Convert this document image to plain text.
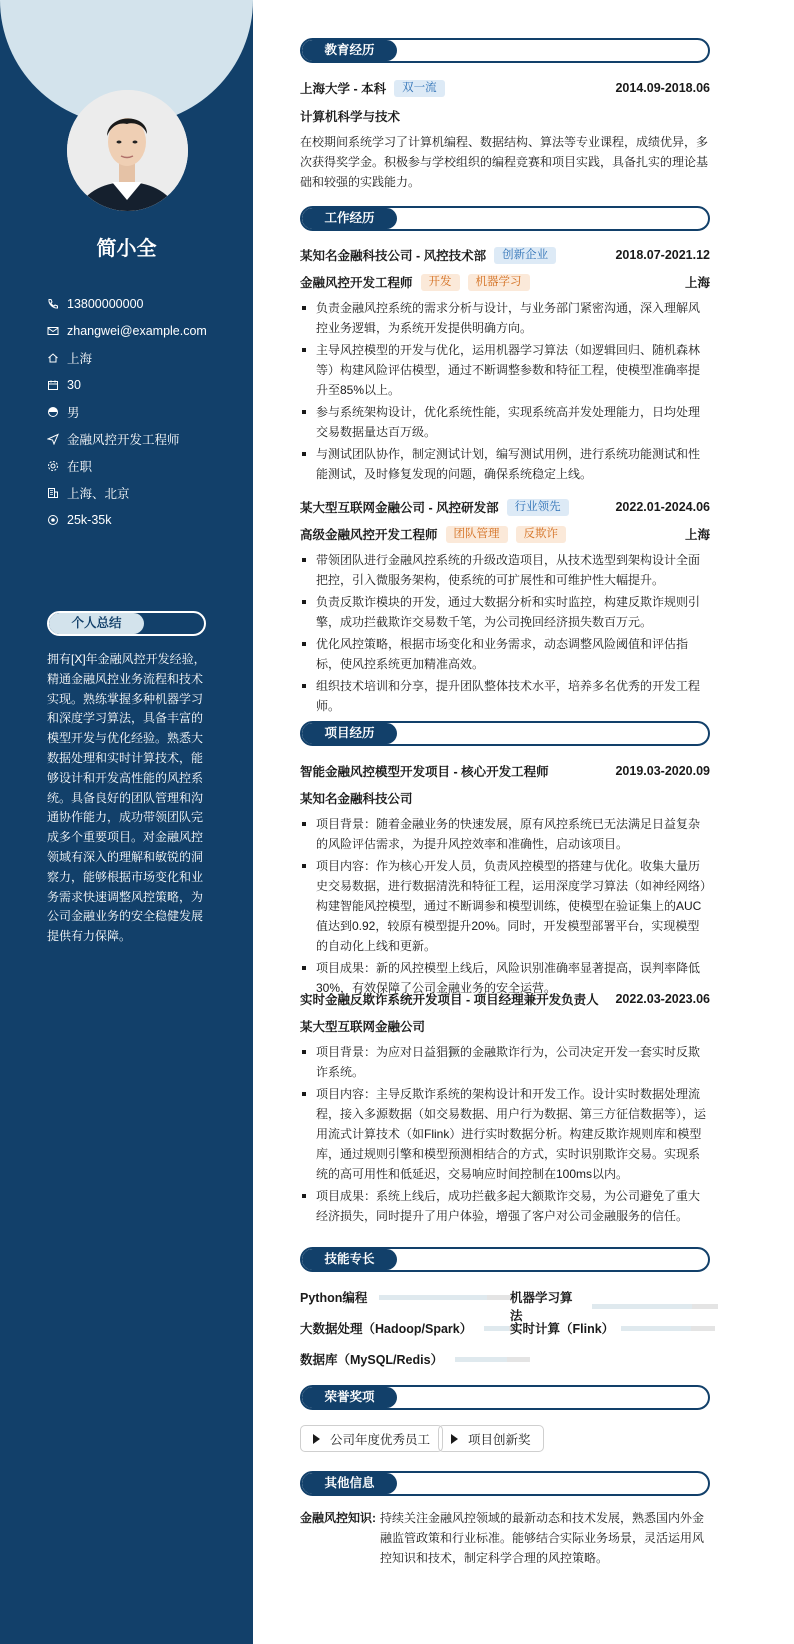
简小全
13800000000
zhangwei@example.com
上海
30
男
金融风控开发工程师
在职
上海、北京
25k-35k
个人总结
拥有[X]年金融风控开发经验，精通金融风控业务流程和技术实现。熟练掌握多种机器学习和深度学习算法，具备丰富的模型开发与优化经验。熟悉大数据处理和实时计算技术，能够设计和开发高性能的风控系统。具备良好的团队管理和沟通协作能力，成功带领团队完成多个重要项目。对金融风控领域有深入的理解和敏锐的洞察力，能够根据市场变化和业务需求快速调整风控策略，为公司金融业务的安全稳健发展提供有力保障。
教育经历
上海大学 - 本科	双一流	2014.09-2018.06
计算机科学与技术
在校期间系统学习了计算机编程、数据结构、算法等专业课程，成绩优异，多次获得奖学金。积极参与学校组织的编程竞赛和项目实践，具备扎实的理论基础和较强的实践能力。
工作经历
某知名金融科技公司 - 风控技术部	创新企业	2018.07-2021.12
金融风控开发工程师	开发	机器学习	上海
负责金融风控系统的需求分析与设计，与业务部门紧密沟通，深入理解风控业务逻辑，为系统开发提供明确方向。
主导风控模型的开发与优化，运用机器学习算法（如逻辑回归、随机森林等）构建风险评估模型，通过不断调整参数和特征工程，使模型准确率提升至85%以上。
参与系统架构设计，优化系统性能，实现系统高并发处理能力，日均处理交易数据量达百万级。
与测试团队协作，制定测试计划，编写测试用例，进行系统功能测试和性能测试，及时修复发现的问题，确保系统稳定上线。
某大型互联网金融公司 - 风控研发部	行业领先	2022.01-2024.06
高级金融风控开发工程师	团队管理	反欺诈	上海
带领团队进行金融风控系统的升级改造项目，从技术选型到架构设计全面把控，引入微服务架构，使系统的可扩展性和可维护性大幅提升。
负责反欺诈模块的开发，通过大数据分析和实时监控，构建反欺诈规则引擎，成功拦截欺诈交易数千笔，为公司挽回经济损失数百万元。
优化风控策略，根据市场变化和业务需求，动态调整风险阈值和评估指标，使风控系统更加精准高效。
组织技术培训和分享，提升团队整体技术水平，培养多名优秀的开发工程师。
项目经历
智能金融风控模型开发项目 - 核心开发工程师	2019.03-2020.09
某知名金融科技公司
项目背景：随着金融业务的快速发展，原有风控系统已无法满足日益复杂的风险评估需求，为提升风控效率和准确性，启动该项目。
项目内容：作为核心开发人员，负责风控模型的搭建与优化。收集大量历史交易数据，进行数据清洗和特征工程，运用深度学习算法（如神经网络）构建智能风控模型，通过不断调参和模型训练，使模型在验证集上的AUC值达到0.92，较原有模型提升20%。同时，开发模型部署平台，实现模型的自动化上线和更新。
项目成果：新的风控模型上线后，风险识别准确率显著提高，误判率降低30%，有效保障了公司金融业务的安全运营。
实时金融反欺诈系统开发项目 - 项目经理兼开发负责人 2022.03-2023.06
某大型互联网金融公司
项目背景：为应对日益猖獗的金融欺诈行为，公司决定开发一套实时反欺诈系统。
项目内容：主导反欺诈系统的架构设计和开发工作。设计实时数据处理流程，接入多源数据（如交易数据、用户行为数据、第三方征信数据等），运用流式计算技术（如Flink）进行实时数据分析。构建反欺诈规则库和模型库，通过规则引擎和模型预测相结合的方式，实时识别欺诈交易。实现系统的高可用性和低延迟，交易响应时间控制在100ms以内。
项目成果：系统上线后，成功拦截多起大额欺诈交易，为公司避免了重大经济损失，同时提升了用户体验，增强了客户对公司金融服务的信任。
技能专长
Python编程	机器学习算法
大数据处理（Hadoop/Spark）	实时计算（Flink）
数据库（MySQL/Redis）
荣誉奖项
公司年度优秀员工	项目创新奖
其他信息
金融风控知识: 持续关注金融风控领域的最新动态和技术发展，熟悉国内外金融监管政策和行业标准。能够结合实际业务场景，灵活运用风控知识和技术，制定科学合理的风控策略。
